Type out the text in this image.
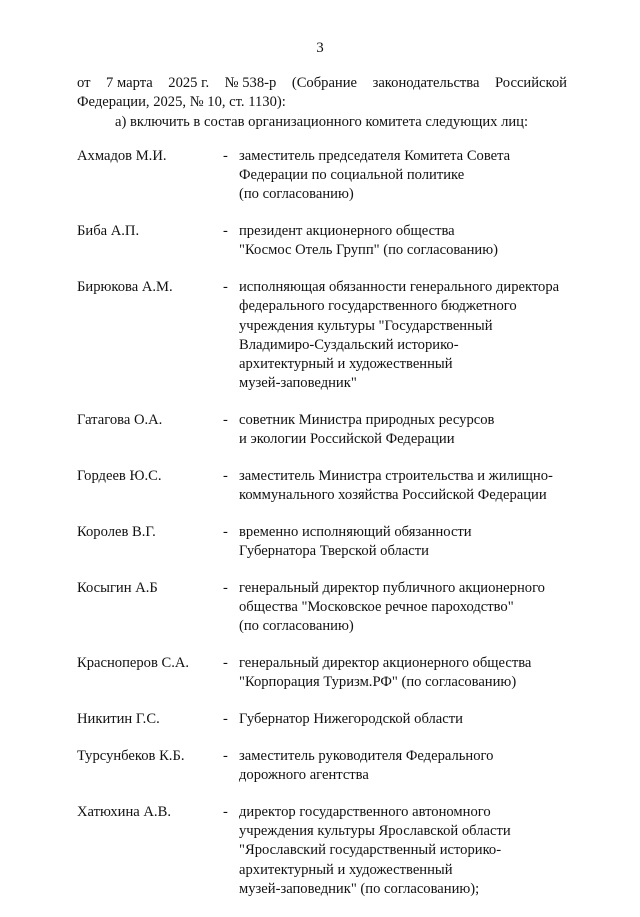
3
от 7 марта 2025 г. № 538-р (Собрание законодательства Российской
Федерации, 2025, № 10, ст. 1130):
а) включить в состав организационного комитета следующих лиц:
Ахмадов М.И.	- заместитель председателя Комитета Совета
Федерации по социальной политике
(по согласованию)
Биба А.П.	- президент акционерного общества
"Космос Отель Групп" (по согласованию)
Бирюкова А.М.	- исполняющая обязанности генерального директора
федерального государственного бюджетного
учреждения культуры "Государственный
Владимиро-Суздальский историко-
архитектурный и художественный
музей-заповедник"
Гатагова О.А.	- советник Министра природных ресурсов
и экологии Российской Федерации
Гордеев Ю.С.	- заместитель Министра строительства и жилищно-
коммунального хозяйства Российской Федерации
Королев В.Г.	- временно исполняющий обязанности
Губернатора Тверской области
Косыгин А.Б	- генеральный директор публичного акционерного
общества "Московское речное пароходство"
(по согласованию)
Красноперов С.А.	- генеральный директор акционерного общества
"Корпорация Туризм.РФ" (по согласованию)
Никитин Г.С.	- Губернатор Нижегородской области
Турсунбеков К.Б.	- заместитель руководителя Федерального
дорожного агентства
Хатюхина А.В.	- директор государственного автономного
учреждения культуры Ярославской области
"Ярославский государственный историко-
архитектурный и художественный
музей-заповедник" (по согласованию);
